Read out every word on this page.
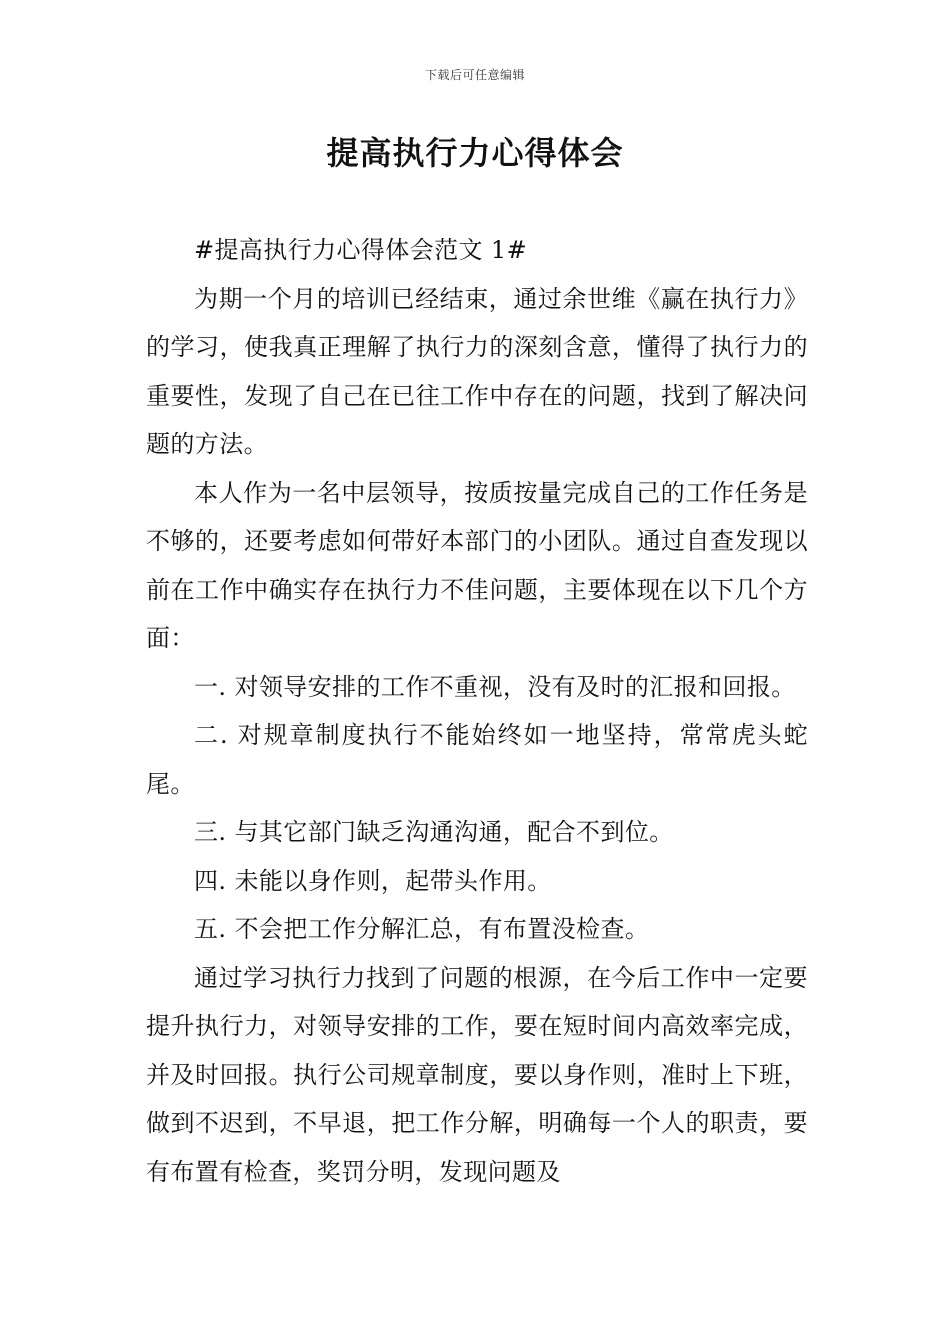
下载后可任意编辑
提高执行力心得体会

#提高执行力心得体会范文 1#

为期一个月的培训已经结束，通过余世维《赢在执行力》的学习，使我真正理解了执行力的深刻含意，懂得了执行力的重要性，发现了自己在已往工作中存在的问题，找到了解决问题的方法。

本人作为一名中层领导，按质按量完成自己的工作任务是不够的，还要考虑如何带好本部门的小团队。通过自查发现以前在工作中确实存在执行力不佳问题，主要体现在以下几个方面：

一. 对领导安排的工作不重视，没有及时的汇报和回报。

二. 对规章制度执行不能始终如一地坚持，常常虎头蛇尾。

三. 与其它部门缺乏沟通沟通，配合不到位。

四. 未能以身作则，起带头作用。

五. 不会把工作分解汇总，有布置没检查。

通过学习执行力找到了问题的根源，在今后工作中一定要提升执行力，对领导安排的工作，要在短时间内高效率完成，并及时回报。执行公司规章制度，要以身作则，准时上下班，做到不迟到，不早退，把工作分解，明确每一个人的职责，要有布置有检查，奖罚分明，发现问题及
